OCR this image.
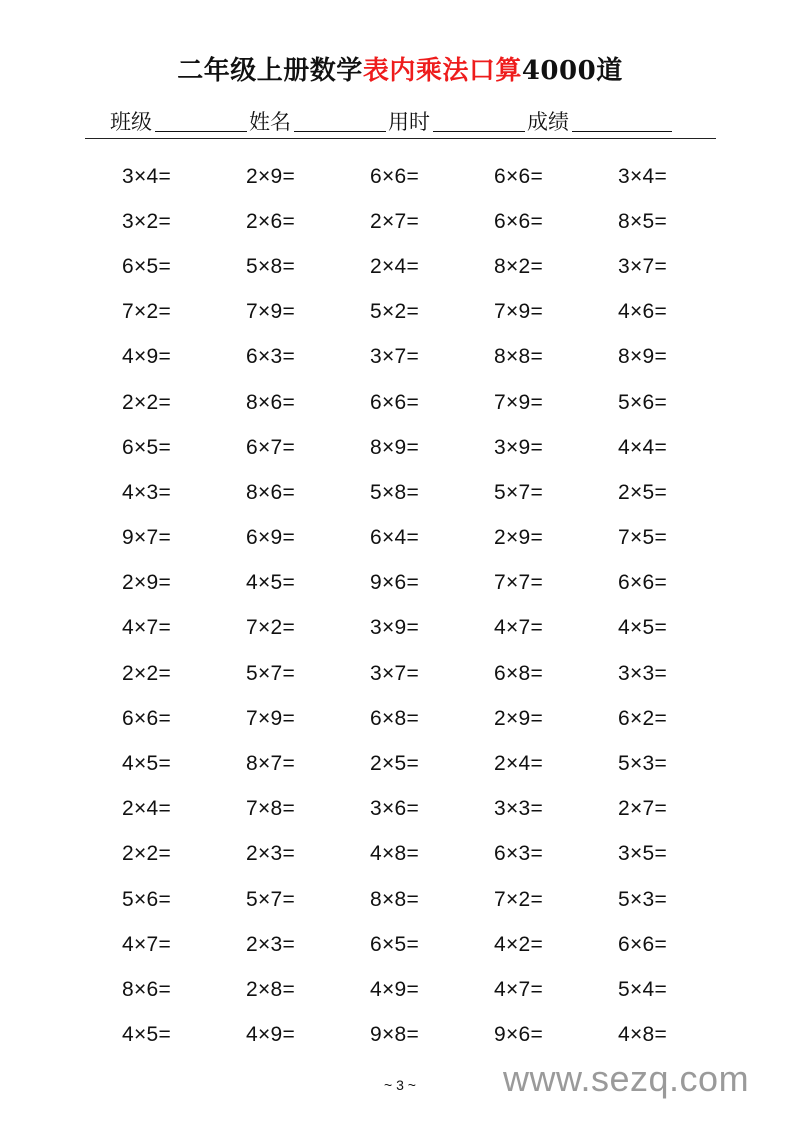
二年级上册数学表内乘法口算4000道
班级	姓名	用时	成绩
3×4=	2×9=	6×6=	6×6=	3×4=
3×2=	2×6=	2×7=	6×6=	8×5=
6×5=	5×8=	2×4=	8×2=	3×7=
7×2=	7×9=	5×2=	7×9=	4×6=
4×9=	6×3=	3×7=	8×8=	8×9=
2×2=	8×6=	6×6=	7×9=	5×6=
6×5=	6×7=	8×9=	3×9=	4×4=
4×3=	8×6=	5×8=	5×7=	2×5=
9×7=	6×9=	6×4=	2×9=	7×5=
2×9=	4×5=	9×6=	7×7=	6×6=
4×7=	7×2=	3×9=	4×7=	4×5=
2×2=	5×7=	3×7=	6×8=	3×3=
6×6=	7×9=	6×8=	2×9=	6×2=
4×5=	8×7=	2×5=	2×4=	5×3=
2×4=	7×8=	3×6=	3×3=	2×7=
2×2=	2×3=	4×8=	6×3=	3×5=
5×6=	5×7=	8×8=	7×2=	5×3=
4×7=	2×3=	6×5=	4×2=	6×6=
8×6=	2×8=	4×9=	4×7=	5×4=
4×5=	4×9=	9×8=	9×6=	4×8=
~ 3 ~	www.sezq.com
